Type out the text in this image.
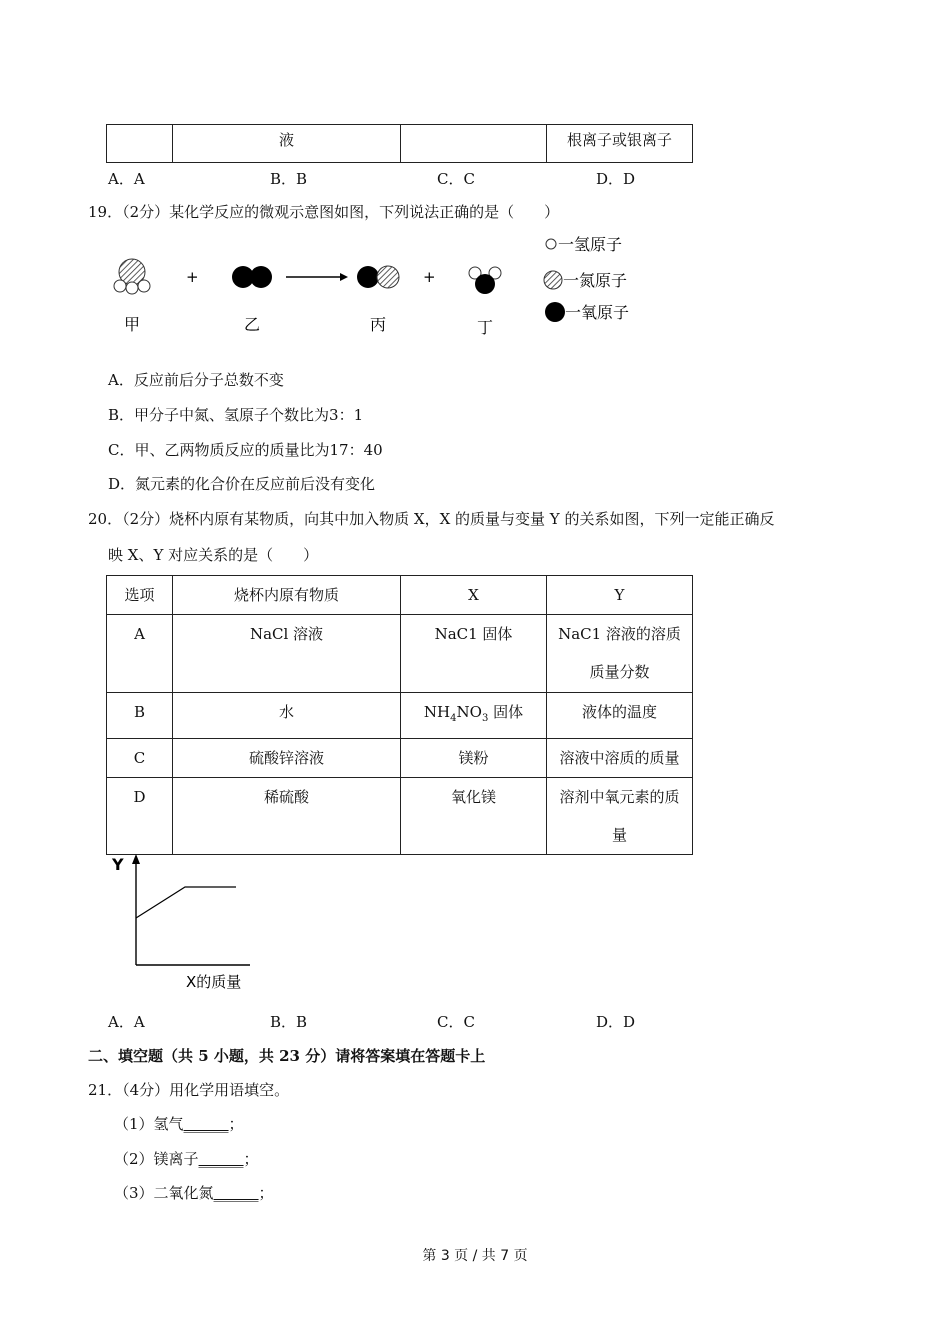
	液		根离子或银离子
A．A	B．B	C．C	D．D
19．（2分）某化学反应的微观示意图如图，下列说法正确的是（　　）
+	+
甲	乙	丙	丁
一氢原子
一氮原子
一氧原子
A．反应前后分子总数不变
B．甲分子中氮、氢原子个数比为3：1
C．甲、乙两物质反应的质量比为17：40
D．氮元素的化合价在反应前后没有变化
20．（2分）烧杯内原有某物质，向其中加入物质 X，X 的质量与变量 Y 的关系如图，下列一定能正确反
映 X、Y 对应关系的是（　　）
选项	烧杯内原有物质	X	Y
A	NaCl 溶液	NaC1 固体	NaC1 溶液的溶质
质量分数

B	水	$NH_4NO_3$ 固体	液体的温度
C	硫酸锌溶液	镁粉	溶液中溶质的质量
D	稀硫酸	氧化镁	溶剂中氧元素的质
量
Y
X的质量
A．A	B．B	C．C	D．D
二、填空题（共 5 小题，共 23 分）请将答案填在答题卡上
21．（4分）用化学用语填空。
（1）氢气______；
（2）镁离子______；
（3）二氧化氮______；
第 3 页 / 共 7 页
